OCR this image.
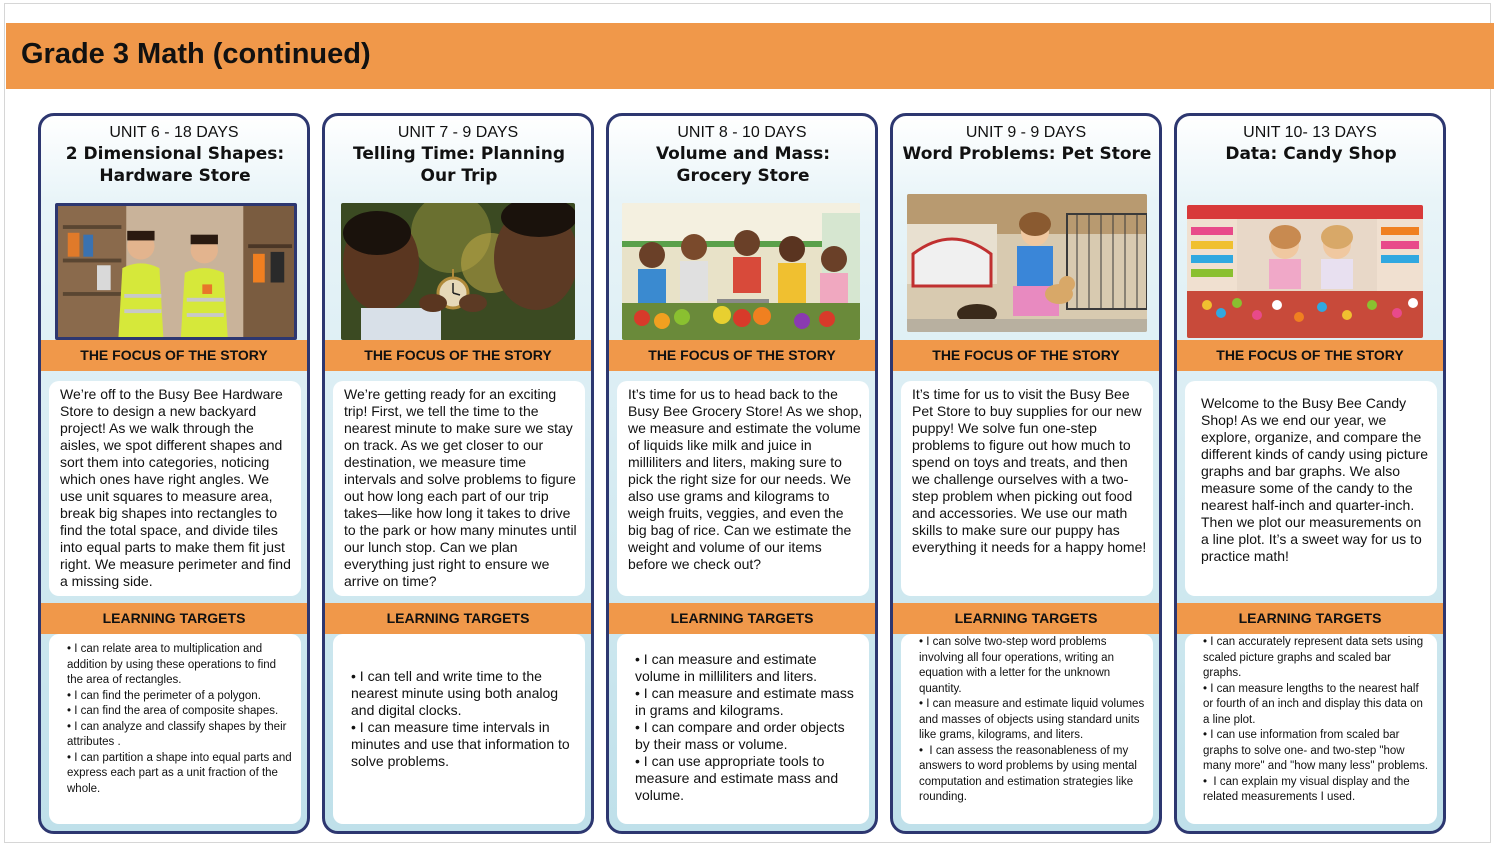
Grade 3 Math (continued)
UNIT 6 - 18 DAYS
2 Dimensional Shapes: Hardware Store
THE FOCUS OF THE STORY
We’re off to the Busy Bee Hardware Store to design a new backyard project! As we walk through the aisles, we spot different shapes and sort them into categories, noticing which ones have right angles. We use unit squares to measure area, break big shapes into rectangles to find the total space, and divide tiles into equal parts to make them fit just right. We measure perimeter and find a missing side.
LEARNING TARGETS
• I can relate area to multiplication and addition by using these operations to find the area of rectangles.
• I can find the perimeter of a polygon.
• I can find the area of composite shapes.
• I can analyze and classify shapes by their attributes .
• I can partition a shape into equal parts and express each part as a unit fraction of the whole.
UNIT 7 - 9 DAYS
Telling Time: Planning Our Trip
THE FOCUS OF THE STORY
We’re getting ready for an exciting trip! First, we tell the time to the nearest minute to make sure we stay on track. As we get closer to our destination, we measure time intervals and solve problems to figure out how long each part of our trip takes—like how long it takes to drive to the park or how many minutes until our lunch stop. Can we plan everything just right to ensure we arrive on time?
LEARNING TARGETS
• I can tell and write time to the nearest minute using both analog and digital clocks.
• I can measure time intervals in minutes and use that information to solve problems.
UNIT 8 - 10 DAYS
Volume and Mass: Grocery Store
THE FOCUS OF THE STORY
It’s time for us to head back to the Busy Bee Grocery Store! As we shop, we measure and estimate the volume of liquids like milk and juice in milliliters and liters, making sure to pick the right size for our needs. We also use grams and kilograms to weigh fruits, veggies, and even the big bag of rice. Can we estimate the weight and volume of our items before we check out?
LEARNING TARGETS
• I can measure and estimate volume in milliliters and liters.
• I can measure and estimate mass in grams and kilograms.
• I can compare and order objects by their mass or volume.
• I can use appropriate tools to measure and estimate mass and volume.
UNIT 9 - 9 DAYS
Word Problems: Pet Store
THE FOCUS OF THE STORY
It’s time for us to visit the Busy Bee Pet Store to buy supplies for our new puppy! We solve fun one-step problems to figure out how much to spend on toys and treats, and then we challenge ourselves with a two-step problem when picking out food and accessories. We use our math skills to make sure our puppy has everything it needs for a happy home!
LEARNING TARGETS
• I can solve two-step word problems involving all four operations, writing an equation with a letter for the unknown quantity.
• I can measure and estimate liquid volumes and masses of objects using standard units like grams, kilograms, and liters.
•  I can assess the reasonableness of my answers to word problems by using mental computation and estimation strategies like rounding.
UNIT 10- 13 DAYS
Data: Candy Shop
THE FOCUS OF THE STORY
Welcome to the Busy Bee Candy Shop! As we end our year, we explore, organize, and compare the different kinds of candy using picture graphs and bar graphs. We also measure some of the candy to the nearest half-inch and quarter-inch. Then we plot our measurements on a line plot. It’s a sweet way for us to practice math!
LEARNING TARGETS
• I can accurately represent data sets using scaled picture graphs and scaled bar graphs.
• I can measure lengths to the nearest half or fourth of an inch and display this data on a line plot.
• I can use information from scaled bar graphs to solve one- and two-step "how many more" and "how many less" problems.
•  I can explain my visual display and the related measurements I used.
